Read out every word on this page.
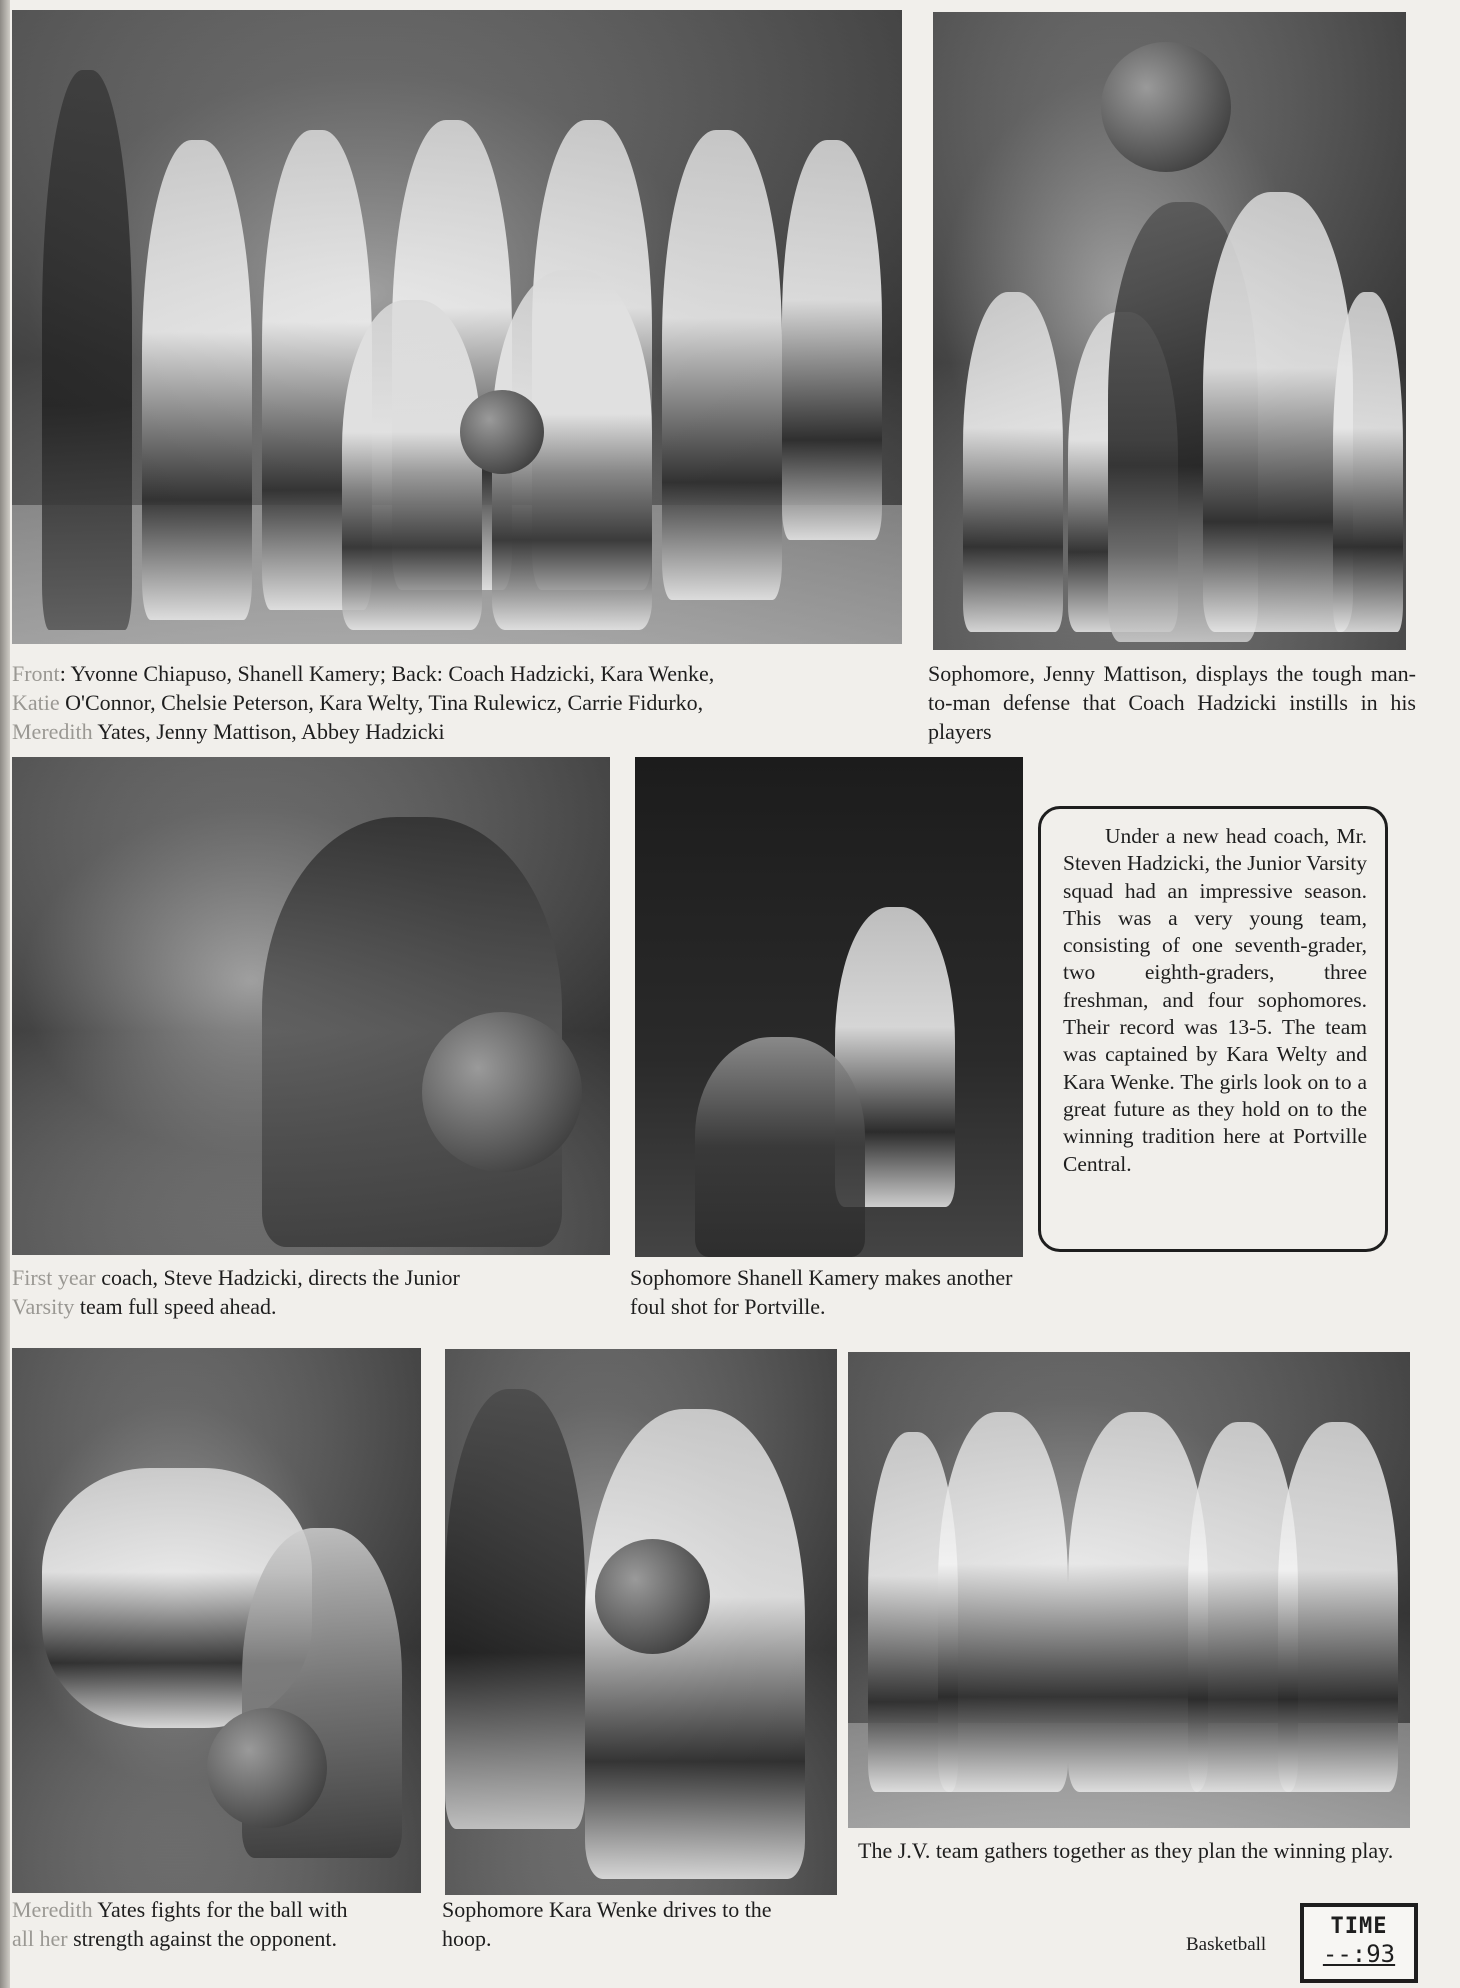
Front: Yvonne Chiapuso, Shanell Kamery; Back: Coach Hadzicki, Kara Wenke,
Katie O'Connor, Chelsie Peterson, Kara Welty, Tina Rulewicz, Carrie Fidurko,
Meredith Yates, Jenny Mattison, Abbey Hadzicki

Sophomore, Jenny Mattison, displays the tough man-to-man defense that Coach Hadzicki instills in his players

Under a new head coach, Mr. Steven Hadzicki, the Junior Varsity squad had an impressive season. This was a very young team, consisting of one seventh-grader, two eighth-graders, three freshman, and four sophomores. Their record was 13-5. The team was captained by Kara Welty and Kara Wenke. The girls look on to a great future as they hold on to the winning tradition here at Portville Central.

First year coach, Steve Hadzicki, directs the Junior
Varsity team full speed ahead.

Sophomore Shanell Kamery makes another foul shot for Portville.

The J.V. team gathers together as they plan the winning play.

Meredith Yates fights for the ball with
all her strength against the opponent.

Sophomore Kara Wenke drives to the hoop.	Basketball
TIME
--:93
